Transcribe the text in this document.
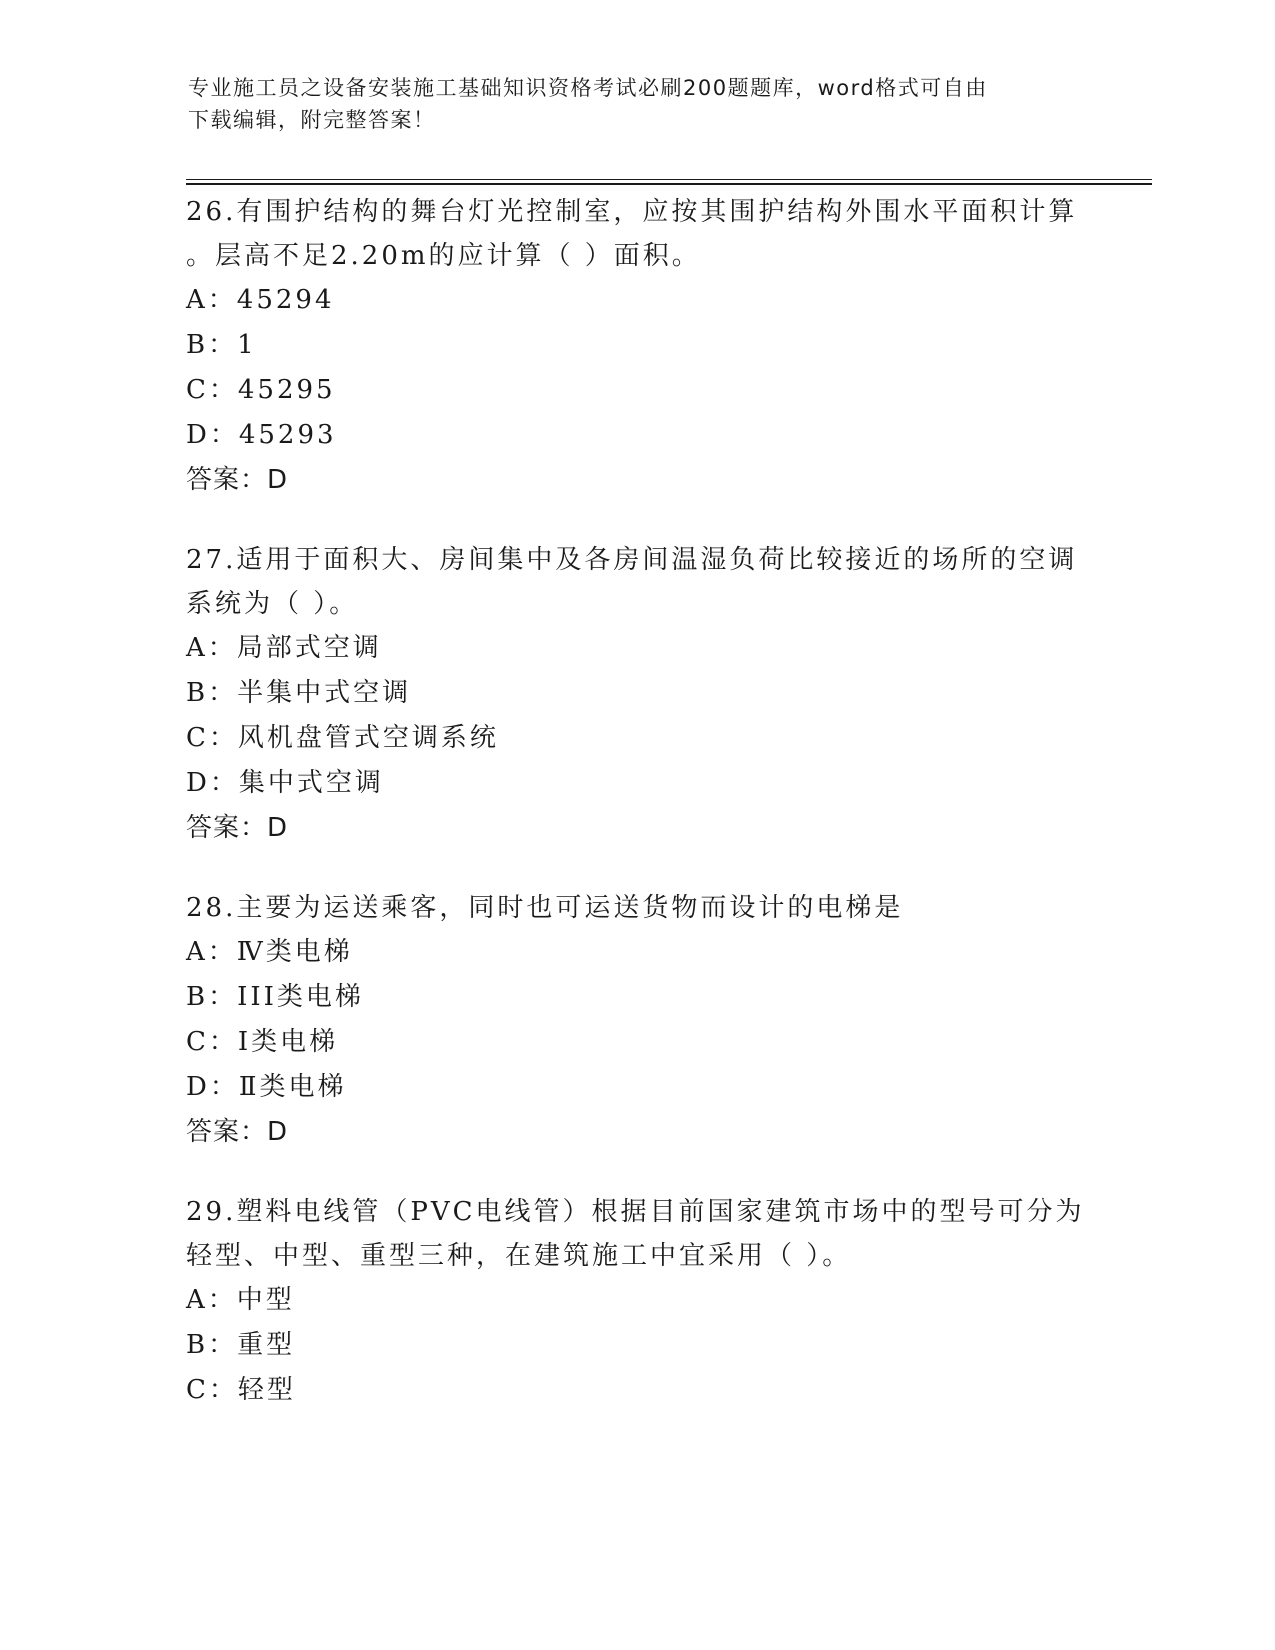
专业施工员之设备安装施工基础知识资格考试必刷200题题库，word格式可自由
下载编辑，附完整答案！
26.有围护结构的舞台灯光控制室，应按其围护结构外围水平面积计算
。层高不足2.20m的应计算（ ）面积。
A：45294
B：1
C：45295
D：45293
答案：D
27.适用于面积大、房间集中及各房间温湿负荷比较接近的场所的空调
系统为（ ）。
A：局部式空调
B：半集中式空调
C：风机盘管式空调系统
D：集中式空调
答案：D
28.主要为运送乘客，同时也可运送货物而设计的电梯是
A：Ⅳ类电梯
B：III类电梯
C：Ⅰ类电梯
D：Ⅱ类电梯
答案：D
29.塑料电线管（PVC电线管）根据目前国家建筑市场中的型号可分为
轻型、中型、重型三种，在建筑施工中宜采用（ ）。
A：中型
B：重型
C：轻型
